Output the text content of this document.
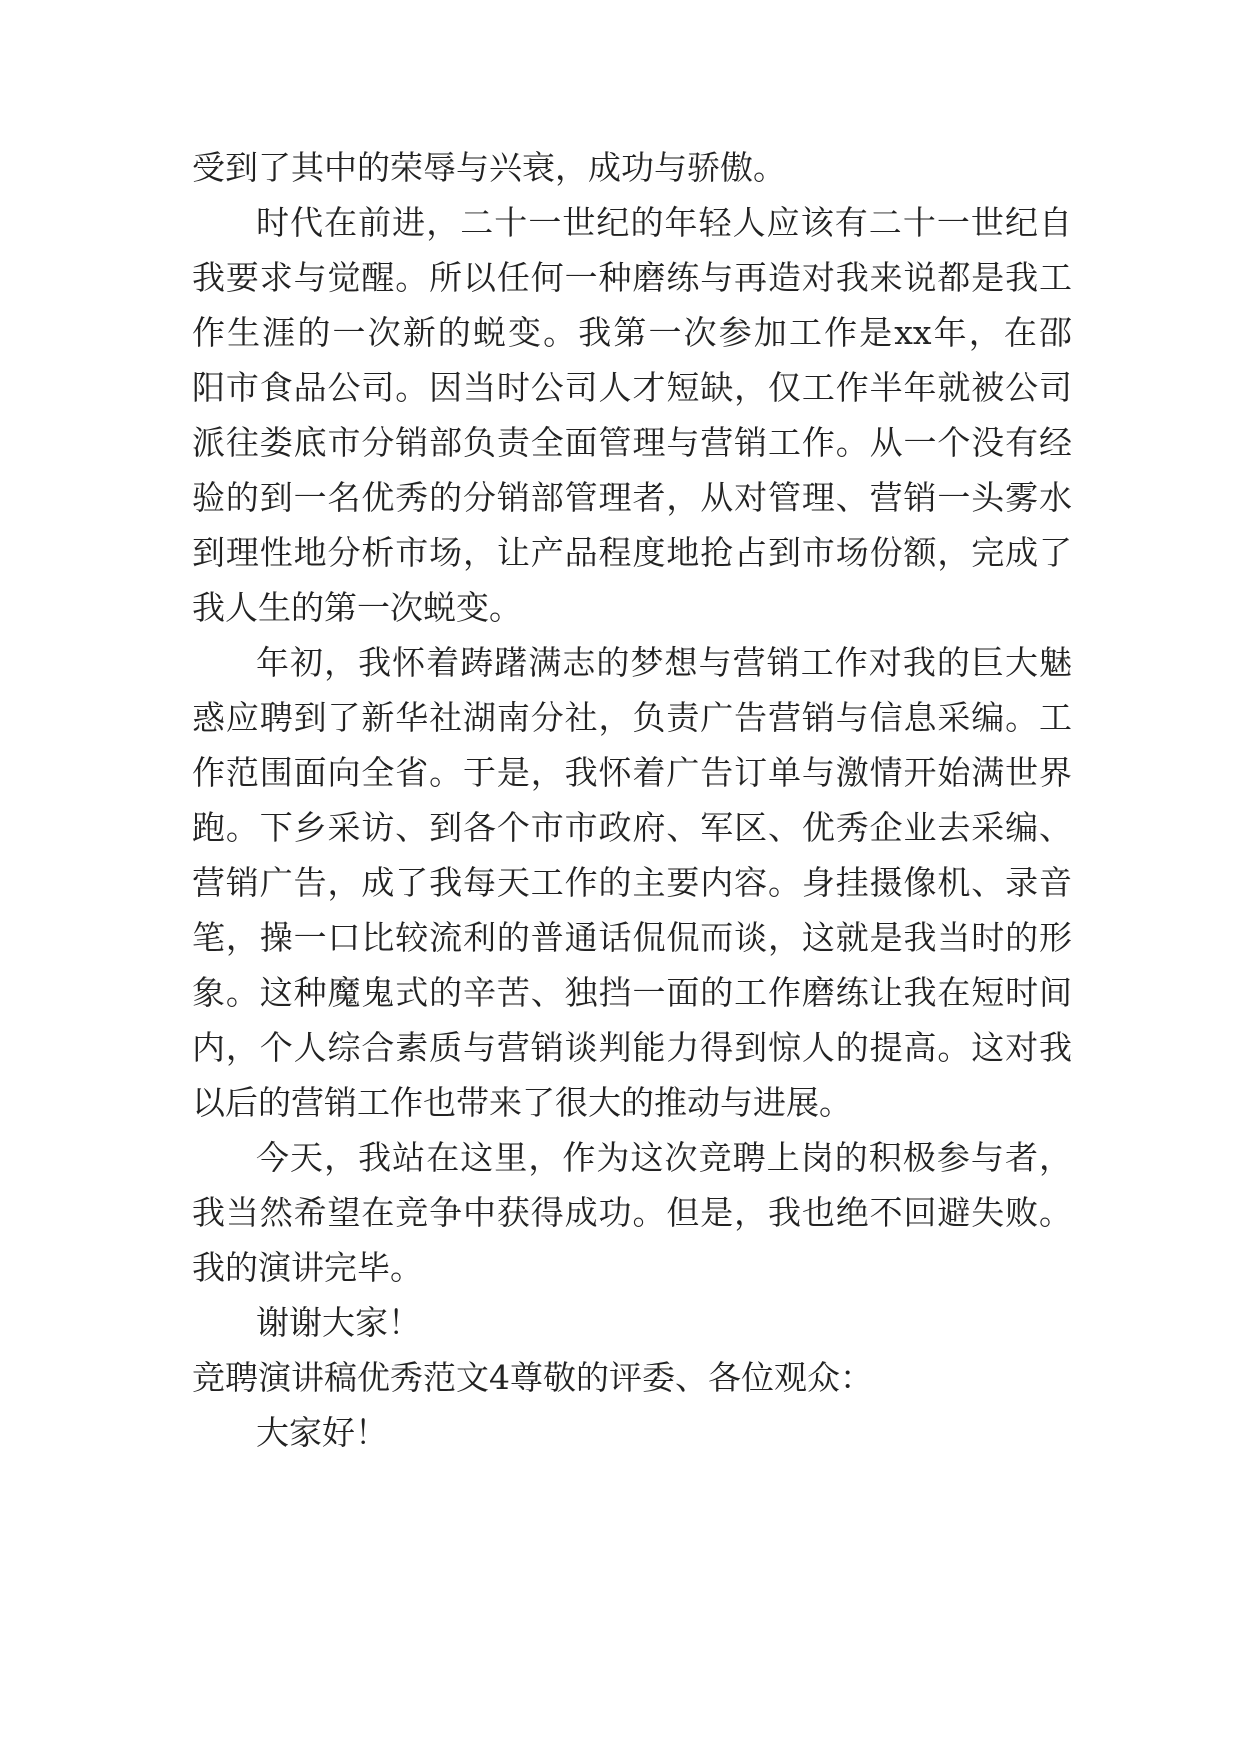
受到了其中的荣辱与兴衰，成功与骄傲。
时代在前进，二十一世纪的年轻人应该有二十一世纪自
我要求与觉醒。所以任何一种磨练与再造对我来说都是我工
作生涯的一次新的蜕变。我第一次参加工作是xx年，在邵
阳市食品公司。因当时公司人才短缺，仅工作半年就被公司
派往娄底市分销部负责全面管理与营销工作。从一个没有经
验的到一名优秀的分销部管理者，从对管理、营销一头雾水
到理性地分析市场，让产品程度地抢占到市场份额，完成了
我人生的第一次蜕变。
年初，我怀着踌躇满志的梦想与营销工作对我的巨大魅
惑应聘到了新华社湖南分社，负责广告营销与信息采编。工
作范围面向全省。于是，我怀着广告订单与激情开始满世界
跑。下乡采访、到各个市市政府、军区、优秀企业去采编、
营销广告，成了我每天工作的主要内容。身挂摄像机、录音
笔，操一口比较流利的普通话侃侃而谈，这就是我当时的形
象。这种魔鬼式的辛苦、独挡一面的工作磨练让我在短时间
内，个人综合素质与营销谈判能力得到惊人的提高。这对我
以后的营销工作也带来了很大的推动与进展。
今天，我站在这里，作为这次竞聘上岗的积极参与者，
我当然希望在竞争中获得成功。但是，我也绝不回避失败。
我的演讲完毕。
谢谢大家！
竞聘演讲稿优秀范文4尊敬的评委、各位观众：
大家好！
